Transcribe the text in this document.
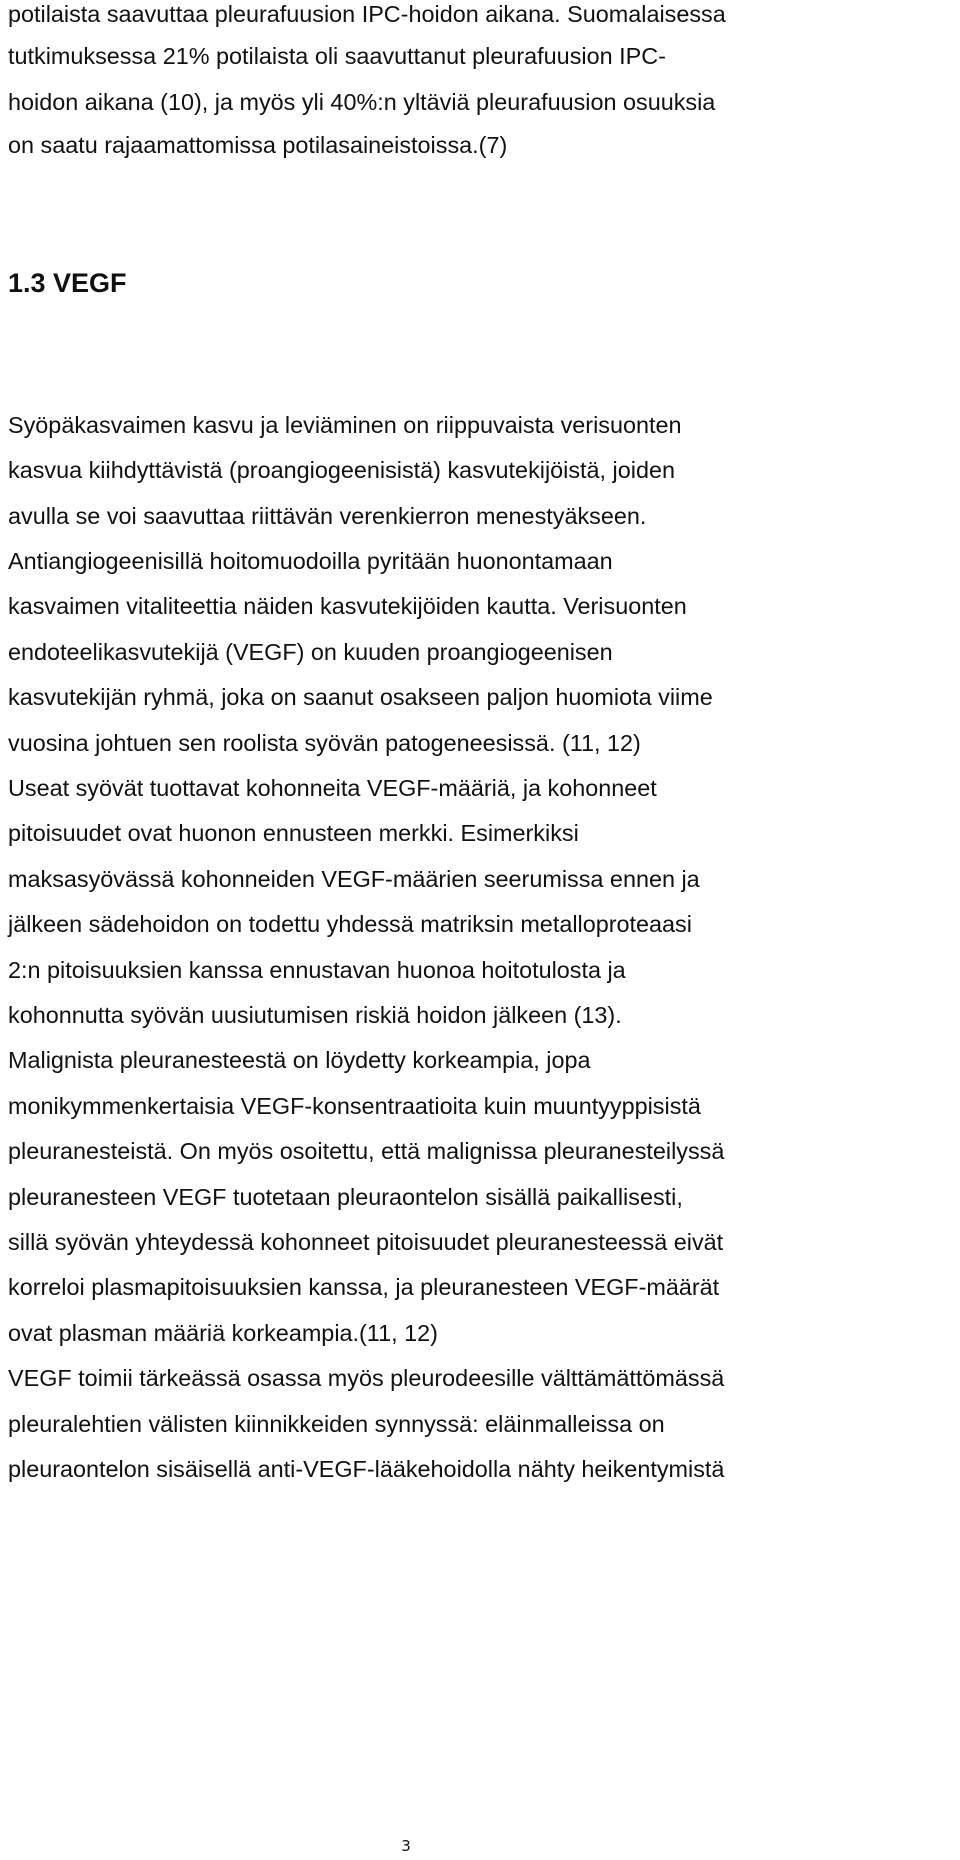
potilaista saavuttaa pleurafuusion IPC-hoidon aikana. Suomalaisessa
tutkimuksessa 21% potilaista oli saavuttanut pleurafuusion IPC-
hoidon aikana (10), ja myös yli 40%:n yltäviä pleurafuusion osuuksia
on saatu rajaamattomissa potilasaineistoissa.(7)
1.3 VEGF
Syöpäkasvaimen kasvu ja leviäminen on riippuvaista verisuonten
kasvua kiihdyttävistä (proangiogeenisistä) kasvutekijöistä, joiden
avulla se voi saavuttaa riittävän verenkierron menestyäkseen.
Antiangiogeenisillä hoitomuodoilla pyritään huonontamaan
kasvaimen vitaliteettia näiden kasvutekijöiden kautta. Verisuonten
endoteelikasvutekijä (VEGF) on kuuden proangiogeenisen
kasvutekijän ryhmä, joka on saanut osakseen paljon huomiota viime
vuosina johtuen sen roolista syövän patogeneesissä. (11, 12)
Useat syövät tuottavat kohonneita VEGF-määriä, ja kohonneet
pitoisuudet ovat huonon ennusteen merkki. Esimerkiksi
maksasyövässä kohonneiden VEGF-määrien seerumissa ennen ja
jälkeen sädehoidon on todettu yhdessä matriksin metalloproteaasi
2:n pitoisuuksien kanssa ennustavan huonoa hoitotulosta ja
kohonnutta syövän uusiutumisen riskiä hoidon jälkeen (13).
Malignista pleuranesteestä on löydetty korkeampia, jopa
monikymmenkertaisia VEGF-konsentraatioita kuin muuntyyppisistä
pleuranesteistä. On myös osoitettu, että malignissa pleuranesteilyssä
pleuranesteen VEGF tuotetaan pleuraontelon sisällä paikallisesti,
sillä syövän yhteydessä kohonneet pitoisuudet pleuranesteessä eivät
korreloi plasmapitoisuuksien kanssa, ja pleuranesteen VEGF-määrät
ovat plasman määriä korkeampia.(11, 12)
VEGF toimii tärkeässä osassa myös pleurodeesille välttämättömässä
pleuralehtien välisten kiinnikkeiden synnyssä: eläinmalleissa on
pleuraontelon sisäisellä anti-VEGF-lääkehoidolla nähty heikentymistä
3
